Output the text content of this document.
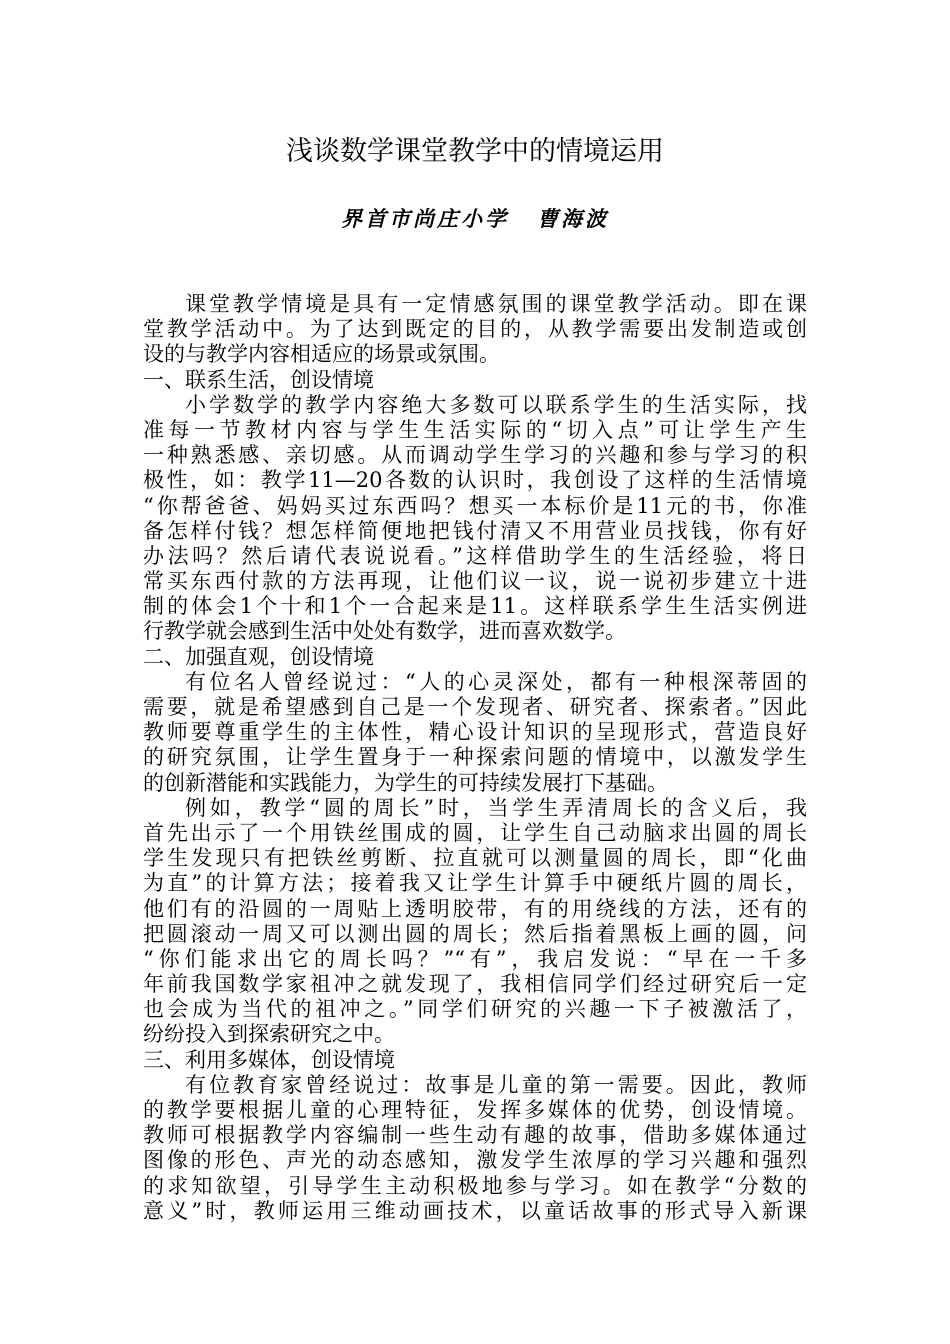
浅谈数学课堂教学中的情境运用
界首市尚庄小学 曹海波
课堂教学情境是具有一定情感氛围的课堂教学活动。即在课
堂教学活动中。为了达到既定的目的，从教学需要出发制造或创
设的与教学内容相适应的场景或氛围。
一、联系生活，创设情境
小学数学的教学内容绝大多数可以联系学生的生活实际，找
准每一节教材内容与学生生活实际的“切入点”可让学生产生
一种熟悉感、亲切感。从而调动学生学习的兴趣和参与学习的积
极性，如：教学11—20各数的认识时，我创设了这样的生活情境
“你帮爸爸、妈妈买过东西吗？想买一本标价是11元的书，你准
备怎样付钱？想怎样简便地把钱付清又不用营业员找钱，你有好
办法吗？然后请代表说说看。”这样借助学生的生活经验，将日
常买东西付款的方法再现，让他们议一议，说一说初步建立十进
制的体会1个十和1个一合起来是11。这样联系学生生活实例进
行教学就会感到生活中处处有数学，进而喜欢数学。
二、加强直观，创设情境
有位名人曾经说过：“人的心灵深处，都有一种根深蒂固的
需要，就是希望感到自己是一个发现者、研究者、探索者。”因此
教师要尊重学生的主体性，精心设计知识的呈现形式，营造良好
的研究氛围，让学生置身于一种探索问题的情境中，以激发学生
的创新潜能和实践能力，为学生的可持续发展打下基础。
例如，教学“圆的周长”时，当学生弄清周长的含义后，我
首先出示了一个用铁丝围成的圆，让学生自己动脑求出圆的周长
学生发现只有把铁丝剪断、拉直就可以测量圆的周长，即“化曲
为直”的计算方法；接着我又让学生计算手中硬纸片圆的周长，
他们有的沿圆的一周贴上透明胶带，有的用绕线的方法，还有的
把圆滚动一周又可以测出圆的周长；然后指着黑板上画的圆，问
“你们能求出它的周长吗？”“有”，我启发说：“早在一千多
年前我国数学家祖冲之就发现了，我相信同学们经过研究后一定
也会成为当代的祖冲之。”同学们研究的兴趣一下子被激活了，
纷纷投入到探索研究之中。
三、利用多媒体，创设情境
有位教育家曾经说过：故事是儿童的第一需要。因此，教师
的教学要根据儿童的心理特征，发挥多媒体的优势，创设情境。
教师可根据教学内容编制一些生动有趣的故事，借助多媒体通过
图像的形色、声光的动态感知，激发学生浓厚的学习兴趣和强烈
的求知欲望，引导学生主动积极地参与学习。如在教学“分数的
意义”时，教师运用三维动画技术，以童话故事的形式导入新课
